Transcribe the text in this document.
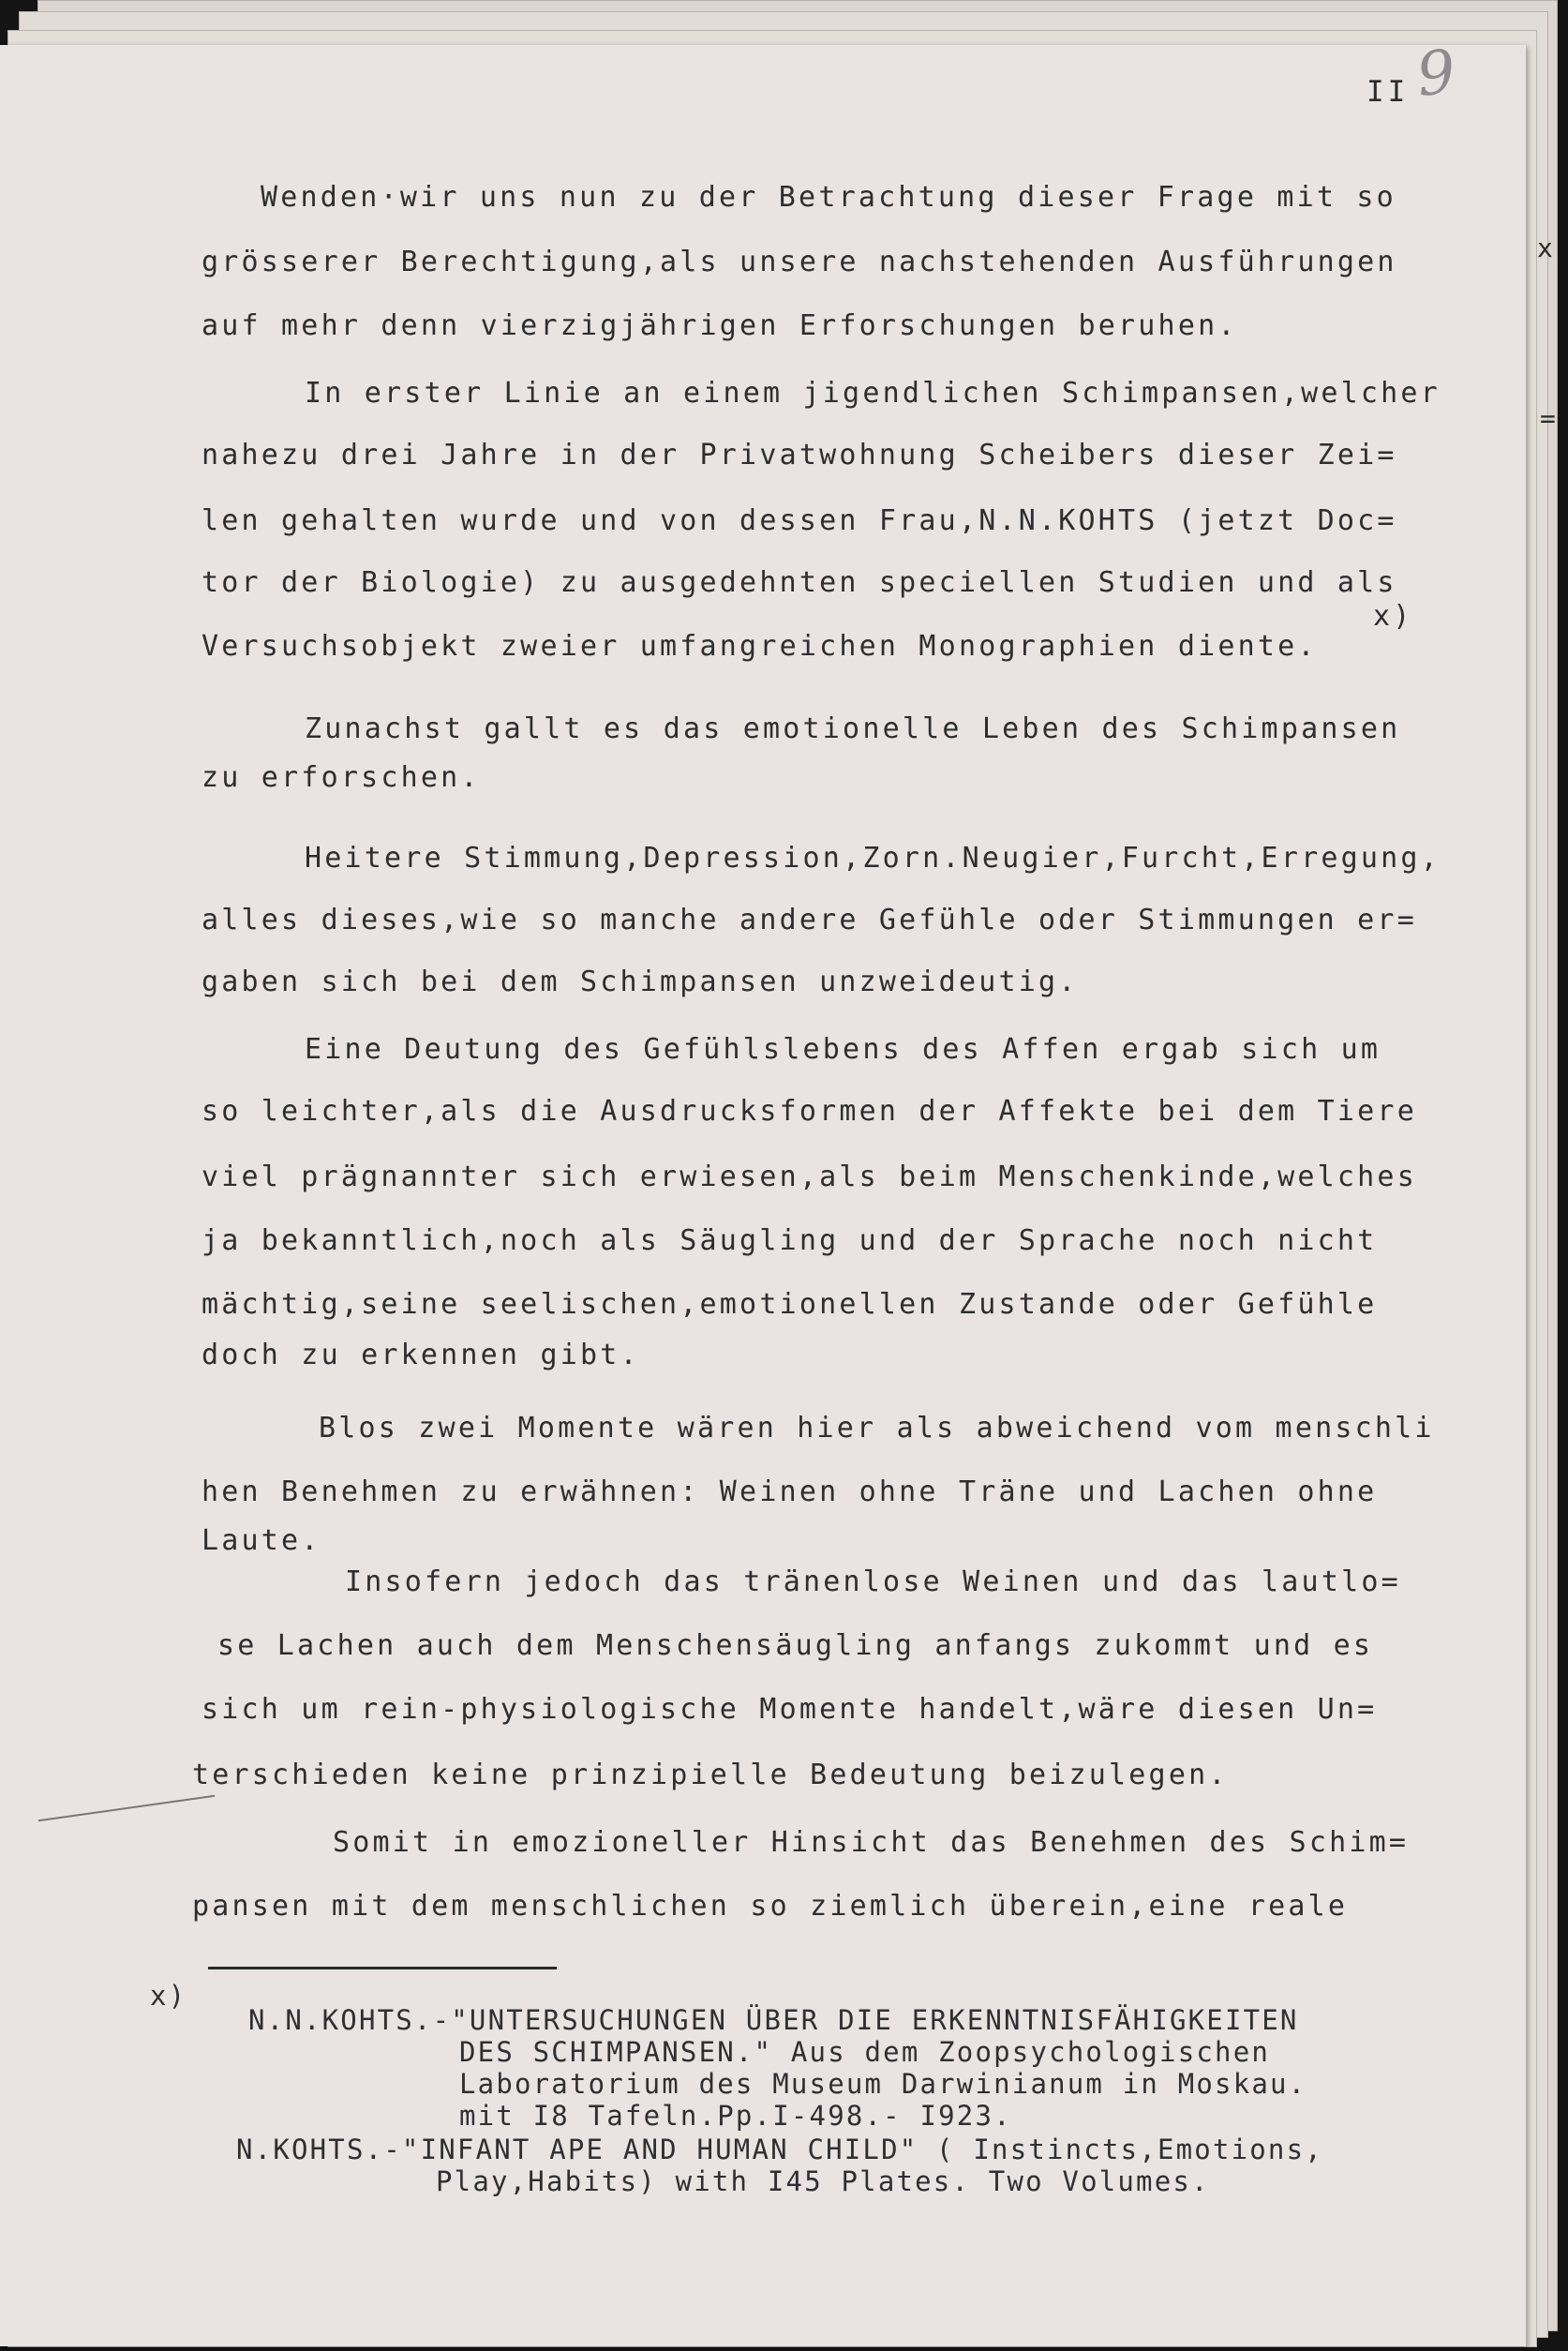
x
=
II 9
Wenden·wir uns nun zu der Betrachtung dieser Frage mit so
grösserer Berechtigung,als unsere nachstehenden Ausführungen
auf mehr denn vierzigjährigen Erforschungen beruhen.
In erster Linie an einem jigendlichen Schimpansen,welcher
nahezu drei Jahre in der Privatwohnung Scheibers dieser Zei=
len gehalten wurde und von dessen Frau,N.N.KOHTS (jetzt Doc=
tor der Biologie) zu ausgedehnten speciellen Studien und als
x)
Versuchsobjekt zweier umfangreichen Monographien diente.
Zunachst gallt es das emotionelle Leben des Schimpansen
zu erforschen.
Heitere Stimmung,Depression,Zorn.Neugier,Furcht,Erregung,
alles dieses,wie so manche andere Gefühle oder Stimmungen er=
gaben sich bei dem Schimpansen unzweideutig.
Eine Deutung des Gefühlslebens des Affen ergab sich um
so leichter,als die Ausdrucksformen der Affekte bei dem Tiere
viel prägnannter sich erwiesen,als beim Menschenkinde,welches
ja bekanntlich,noch als Säugling und der Sprache noch nicht
mächtig,seine seelischen,emotionellen Zustande oder Gefühle
doch zu erkennen gibt.
Blos zwei Momente wären hier als abweichend vom menschli
hen Benehmen zu erwähnen: Weinen ohne Träne und Lachen ohne
Laute.
Insofern jedoch das tränenlose Weinen und das lautlo=
se Lachen auch dem Menschensäugling anfangs zukommt und es
sich um rein-physiologische Momente handelt,wäre diesen Un=
terschieden keine prinzipielle Bedeutung beizulegen.
Somit in emozioneller Hinsicht das Benehmen des Schim=
pansen mit dem menschlichen so ziemlich überein,eine reale
x)
N.N.KOHTS.-"UNTERSUCHUNGEN ÜBER DIE ERKENNTNISFÄHIGKEITEN
DES SCHIMPANSEN." Aus dem Zoopsychologischen
Laboratorium des Museum Darwinianum in Moskau.
mit I8 Tafeln.Pp.I-498.- I923.
N.KOHTS.-"INFANT APE AND HUMAN CHILD" ( Instincts,Emotions,
Play,Habits) with I45 Plates. Two Volumes.
